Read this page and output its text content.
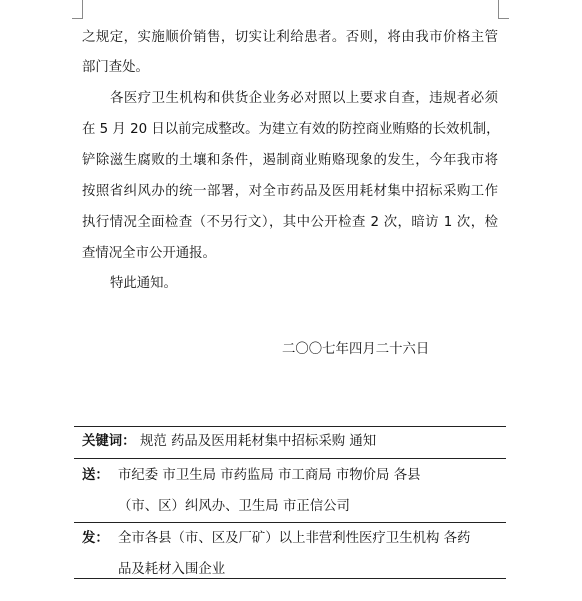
之规定，实施顺价销售，切实让利给患者。否则，将由我市价格主管
部门查处。
各医疗卫生机构和供货企业务必对照以上要求自查，违规者必须
在 5 月 20 日以前完成整改。为建立有效的防控商业贿赂的长效机制，
铲除滋生腐败的土壤和条件，遏制商业贿赂现象的发生，今年我市将
按照省纠风办的统一部署，对全市药品及医用耗材集中招标采购工作
执行情况全面检查（不另行文），其中公开检查 2 次，暗访 1 次，检
查情况全市公开通报。
特此通知。
二〇〇七年四月二十六日
关键词： 规范 药品及医用耗材集中招标采购 通知
送： 市纪委 市卫生局 市药监局 市工商局 市物价局 各县
（市、区）纠风办、卫生局 市正信公司
发： 全市各县（市、区及厂矿）以上非营利性医疗卫生机构 各药
品及耗材入围企业
